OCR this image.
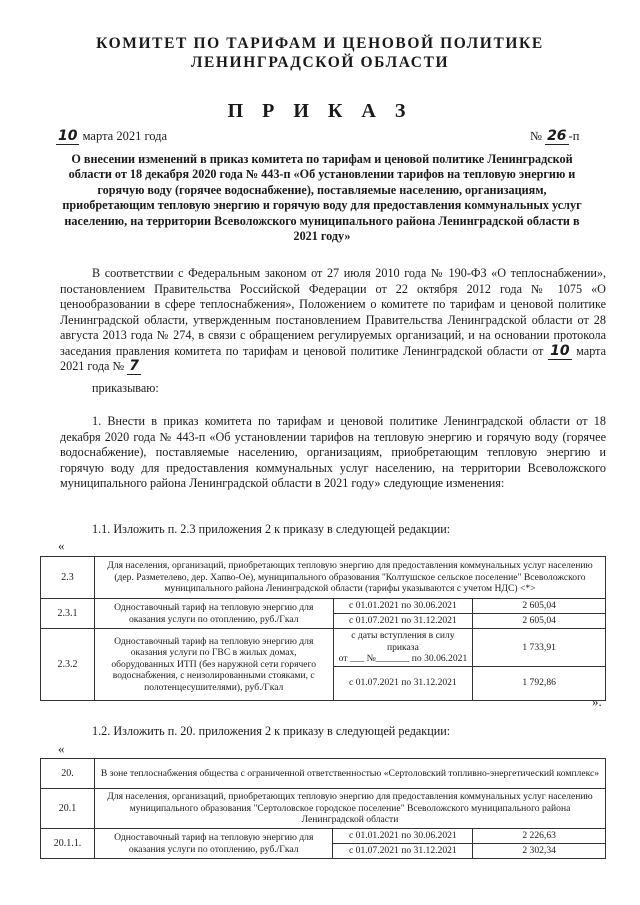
КОМИТЕТ ПО ТАРИФАМ И ЦЕНОВОЙ ПОЛИТИКЕ
ЛЕНИНГРАДСКОЙ ОБЛАСТИ
П Р И К А З
10 марта 2021 года	№ 26 -п
О внесении изменений в приказ комитета по тарифам и ценовой политике Ленинградской области от 18 декабря 2020 года № 443-п «Об установлении тарифов на тепловую энергию и горячую воду (горячее водоснабжение), поставляемые населению, организациям, приобретающим тепловую энергию и горячую воду для предоставления коммунальных услуг населению, на территории Всеволожского муниципального района Ленинградской области в 2021 году»
В соответствии с Федеральным законом от 27 июля 2010 года № 190-ФЗ «О теплоснабжении», постановлением Правительства Российской Федерации от 22 октября 2012 года № 1075 «О ценообразовании в сфере теплоснабжения», Положением о комитете по тарифам и ценовой политике Ленинградской области, утвержденным постановлением Правительства Ленинградской области от 28 августа 2013 года № 274, в связи с обращением регулируемых организаций, и на основании протокола заседания правления комитета по тарифам и ценовой политике Ленинградской области от 10 марта 2021 года № 7
приказываю:
1. Внести в приказ комитета по тарифам и ценовой политике Ленинградской области от 18 декабря 2020 года № 443-п «Об установлении тарифов на тепловую энергию и горячую воду (горячее водоснабжение), поставляемые населению, организациям, приобретающим тепловую энергию и горячую воду для предоставления коммунальных услуг населению, на территории Всеволожского муниципального района Ленинградской области в 2021 году» следующие изменения:
1.1. Изложить п. 2.3 приложения 2 к приказу в следующей редакции:
«
2.3	Для населения, организаций, приобретающих тепловую энергию для предоставления коммунальных услуг населению (дер. Разметелево, дер. Хапво-Ое), муниципального образования "Колтушское сельское поселение" Всеволожского муниципального района Ленинградской области (тарифы указываются с учетом НДС) <*>		
2.3.1	Одноставочный тариф на тепловую энергию для оказания услуги по отоплению, руб./Гкал	с 01.01.2021 по 30.06.2021	2 605,04
		с 01.07.2021 по 31.12.2021	2 605,04
2.3.2	Одноставочный тариф на тепловую энергию для оказания услуги по ГВС в жилых домах, оборудованных ИТП (без наружной сети горячего водоснабжения, с неизолированными стояками, с полотенцесушителями), руб./Гкал	с даты вступления в силу приказа
от ___ №_______ по 30.06.2021	1 733,91
		с 01.07.2021 по 31.12.2021	1 792,86
».
1.2. Изложить п. 20. приложения 2 к приказу в следующей редакции:
«
20.	В зоне теплоснабжения общества с ограниченной ответственностью «Сертоловский топливно-энергетический комплекс»		
20.1	Для населения, организаций, приобретающих тепловую энергию для предоставления коммунальных услуг населению муниципального образования "Сертоловское городское поселение" Всеволожского муниципального района Ленинградской области		
20.1.1.	Одноставочный тариф на тепловую энергию для оказания услуги по отоплению, руб./Гкал	с 01.01.2021 по 30.06.2021	2 226,63
		с 01.07.2021 по 31.12.2021	2 302,34
